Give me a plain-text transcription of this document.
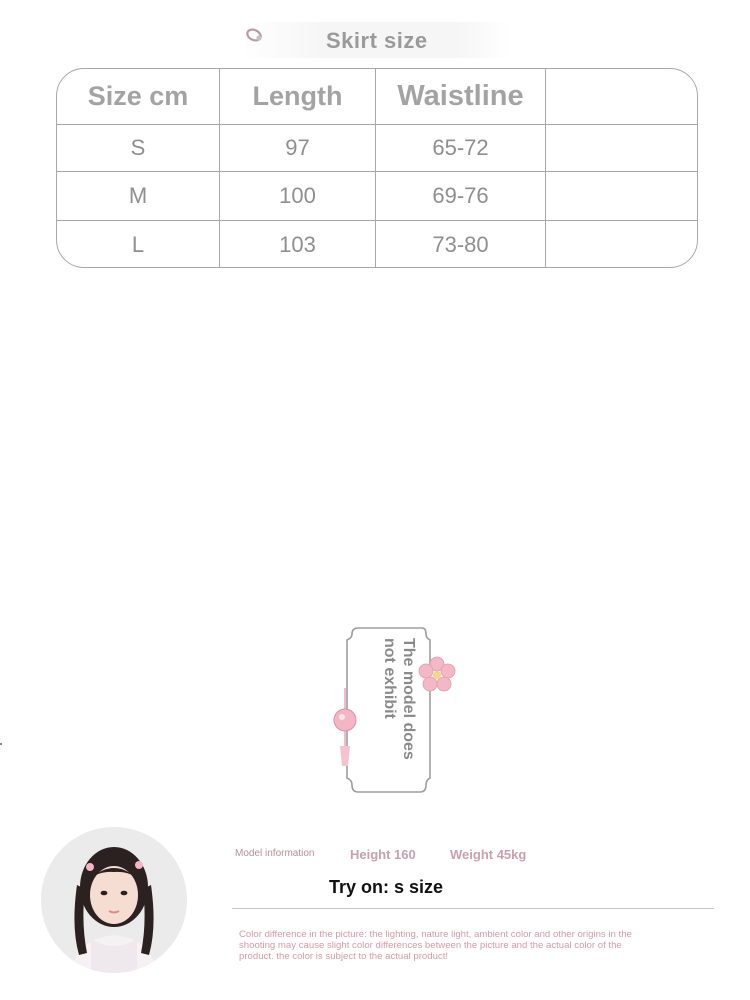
Skirt size
Size cm	Length	Waistline
S	97	65-72
M	100	69-76
L	103	73-80
The model does
not exhibit
Model information	Height 160	Weight 45kg
Try on: s size
Color difference in the picture: the lighting, nature light, ambient color and other origins in the shooting may cause slight color differences between the picture and the actual color of the product. the color is subject to the actual product!
